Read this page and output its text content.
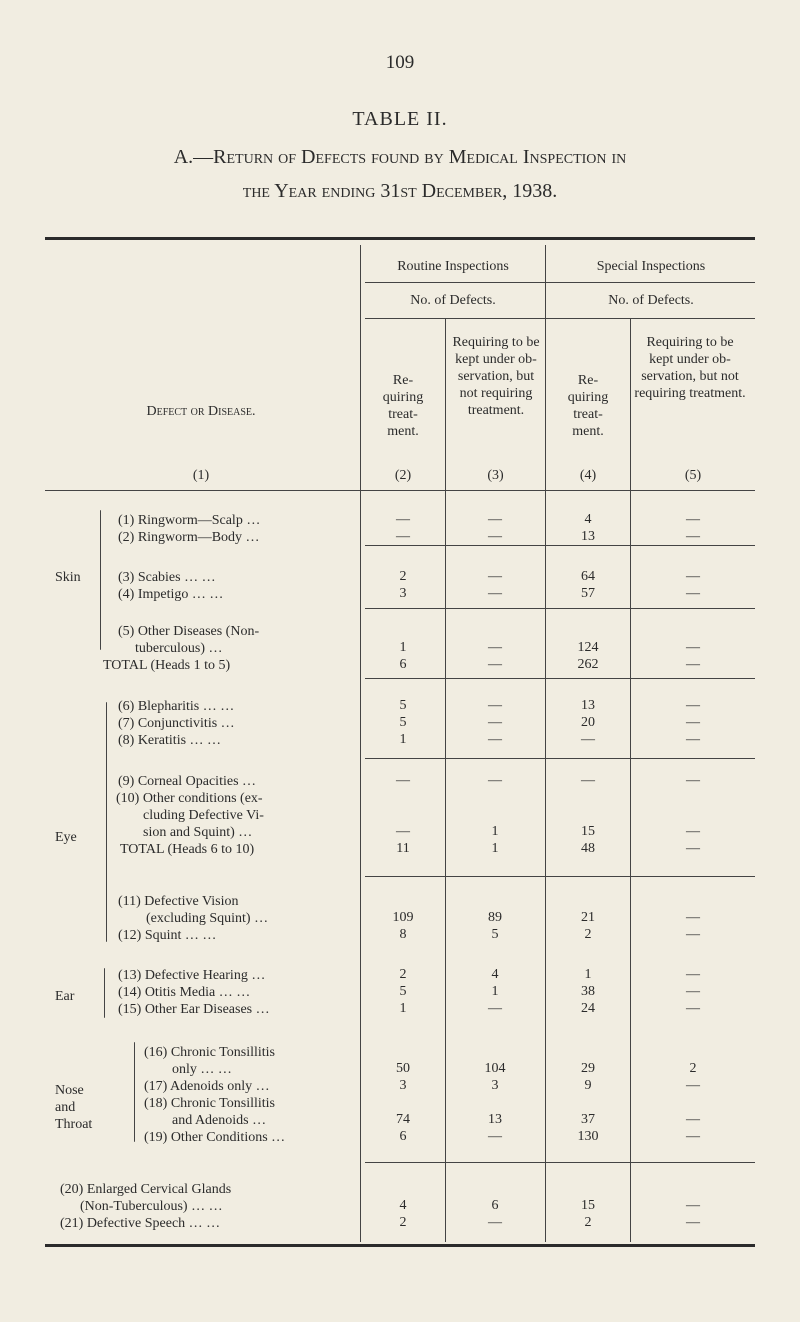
109
TABLE II.
A.—Return of Defects found by Medical Inspection in
the Year ending 31st December, 1938.
Routine Inspections	Special Inspections
No. of Defects.	No. of Defects.
Defect or Disease.
Re- quiring treat- ment.
Requiring to be kept under ob- servation, but not requiring treatment.
Re- quiring treat- ment.
Requiring to be kept under ob- servation, but not requiring treatment.
(1)	(2)	(3)	(4)	(5)
Skin
Eye
Ear
Nose
and
Throat
(1) Ringworm—Scalp …	—	—	4	—
(2) Ringworm—Body …	—	—	13	—
(3) Scabies … …	2	—	64	—
(4) Impetigo … …	3	—	57	—
(5) Other Diseases (Non-
tuberculous) …	1	—	124	—
TOTAL (Heads 1 to 5)	6	—	262	—
(6) Blepharitis … …	5	—	13	—
(7) Conjunctivitis …	5	—	20	—
(8) Keratitis … …	1	—	—	—
(9) Corneal Opacities …	—	—	—	—
(10) Other conditions (ex-
cluding Defective Vi-
sion and Squint) …	—	1	15	—
TOTAL (Heads 6 to 10)	11	1	48	—
(11) Defective Vision
(excluding Squint) …	109	89	21	—
(12) Squint … …	8	5	2	—
(13) Defective Hearing …	2	4	1	—
(14) Otitis Media … …	5	1	38	—
(15) Other Ear Diseases …	1	—	24	—
(16) Chronic Tonsillitis
only … …	50	104	29	2
(17) Adenoids only …	3	3	9	—
(18) Chronic Tonsillitis
and Adenoids …	74	13	37	—
(19) Other Conditions …	6	—	130	—
(20) Enlarged Cervical Glands
(Non-Tuberculous) … …	4	6	15	—
(21) Defective Speech … …	2	—	2	—
